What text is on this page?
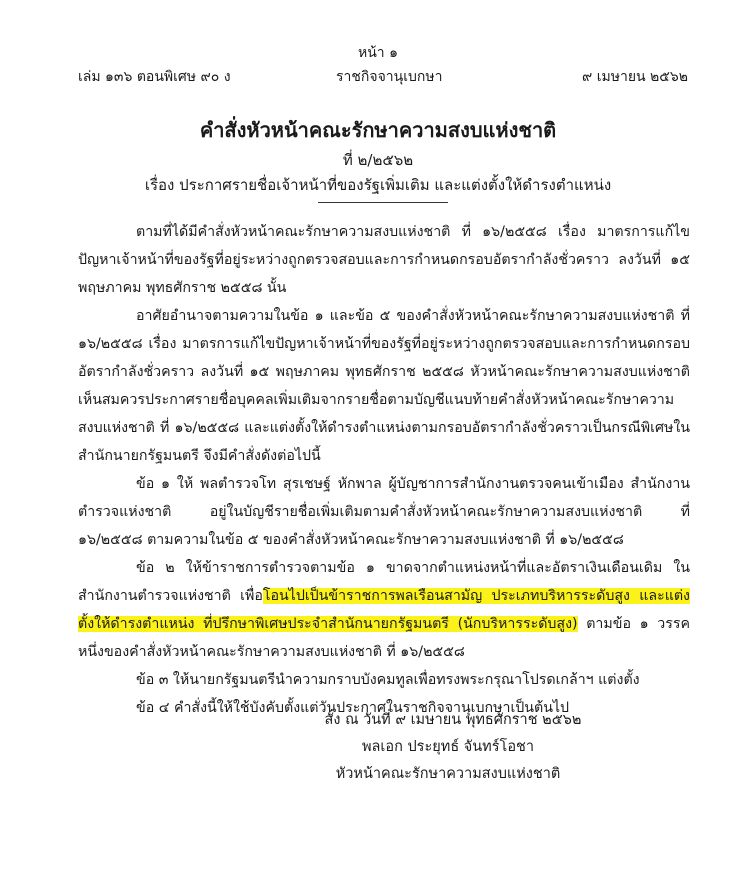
หน้า ๑
เล่ม ๑๓๖ ตอนพิเศษ ๙๐ ง	ราชกิจจานุเบกษา	๙ เมษายน ๒๕๖๒
คำสั่งหัวหน้าคณะรักษาความสงบแห่งชาติ
ที่ ๒/๒๕๖๒
เรื่อง ประกาศรายชื่อเจ้าหน้าที่ของรัฐเพิ่มเติม และแต่งตั้งให้ดำรงตำแหน่ง

ตามที่ได้มีคำสั่งหัวหน้าคณะรักษาความสงบแห่งชาติ ที่ ๑๖/๒๕๕๘ เรื่อง มาตรการแก้ไขปัญหาเจ้าหน้าที่ของรัฐที่อยู่ระหว่างถูกตรวจสอบและการกำหนดกรอบอัตรากำลังชั่วคราว ลงวันที่ ๑๕ พฤษภาคม พุทธศักราช ๒๕๕๘ นั้น

อาศัยอำนาจตามความในข้อ ๑ และข้อ ๕ ของคำสั่งหัวหน้าคณะรักษาความสงบแห่งชาติ ที่ ๑๖/๒๕๕๘ เรื่อง มาตรการแก้ไขปัญหาเจ้าหน้าที่ของรัฐที่อยู่ระหว่างถูกตรวจสอบและการกำหนดกรอบอัตรากำลังชั่วคราว ลงวันที่ ๑๕ พฤษภาคม พุทธศักราช ๒๕๕๘ หัวหน้าคณะรักษาความสงบแห่งชาติ เห็นสมควรประกาศรายชื่อบุคคลเพิ่มเติมจากรายชื่อตามบัญชีแนบท้ายคำสั่งหัวหน้าคณะรักษาความสงบแห่งชาติ ที่ ๑๖/๒๕๕๘ และแต่งตั้งให้ดำรงตำแหน่งตามกรอบอัตรากำลังชั่วคราวเป็นกรณีพิเศษในสำนักนายกรัฐมนตรี จึงมีคำสั่งดังต่อไปนี้

ข้อ ๑ ให้ พลตำรวจโท สุรเชษฐ์ หักพาล ผู้บัญชาการสำนักงานตรวจคนเข้าเมือง สำนักงานตำรวจแห่งชาติ อยู่ในบัญชีรายชื่อเพิ่มเติมตามคำสั่งหัวหน้าคณะรักษาความสงบแห่งชาติ ที่ ๑๖/๒๕๕๘ ตามความในข้อ ๕ ของคำสั่งหัวหน้าคณะรักษาความสงบแห่งชาติ ที่ ๑๖/๒๕๕๘

ข้อ ๒ ให้ข้าราชการตำรวจตามข้อ ๑ ขาดจากตำแหน่งหน้าที่และอัตราเงินเดือนเดิม ในสำนักงานตำรวจแห่งชาติ เพื่อโอนไปเป็นข้าราชการพลเรือนสามัญ ประเภทบริหารระดับสูง และแต่งตั้งให้ดำรงตำแหน่ง ที่ปรึกษาพิเศษประจำสำนักนายกรัฐมนตรี (นักบริหารระดับสูง) ตามข้อ ๑ วรรคหนึ่งของคำสั่งหัวหน้าคณะรักษาความสงบแห่งชาติ ที่ ๑๖/๒๕๕๘

ข้อ ๓ ให้นายกรัฐมนตรีนำความกราบบังคมทูลเพื่อทรงพระกรุณาโปรดเกล้าฯ แต่งตั้ง

ข้อ ๔ คำสั่งนี้ให้ใช้บังคับตั้งแต่วันประกาศในราชกิจจานุเบกษาเป็นต้นไป

สั่ง ณ วันที่ ๙ เมษายน พุทธศักราช ๒๕๖๒
พลเอก ประยุทธ์ จันทร์โอชา
หัวหน้าคณะรักษาความสงบแห่งชาติ
